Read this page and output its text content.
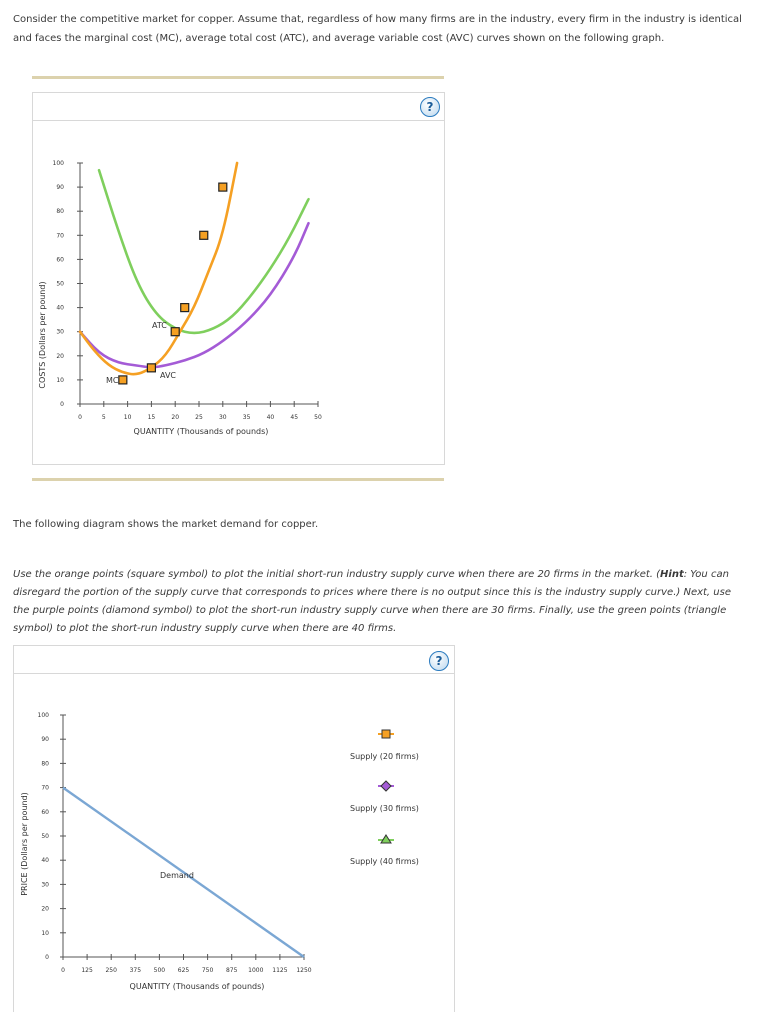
Consider the competitive market for copper. Assume that, regardless of how many firms are in the industry, every firm in the industry is identical and faces the marginal cost (MC), average total cost (ATC), and average variable cost (AVC) curves shown on the following graph.
?
0
10
20
30
40
50
60
70
80
90
100
0	5	10	15	20	25	30	35	40	45	50
COSTS (Dollars per pound)
QUANTITY (Thousands of pounds)
MC
ATC
AVC
The following diagram shows the market demand for copper.
Use the orange points (square symbol) to plot the initial short-run industry supply curve when there are 20 firms in the market. (Hint: You can disregard the portion of the supply curve that corresponds to prices where there is no output since this is the industry supply curve.) Next, use the purple points (diamond symbol) to plot the short-run industry supply curve when there are 30 firms. Finally, use the green points (triangle symbol) to plot the short-run industry supply curve when there are 40 firms.
?
0
10
20
30
40
50
60
70
80
90
100
0	125 250 375 500 625 750 875 1000 1125 1250
PRICE (Dollars per pound)
QUANTITY (Thousands of pounds)
Demand
Supply (20 firms)
Supply (30 firms)
Supply (40 firms)
